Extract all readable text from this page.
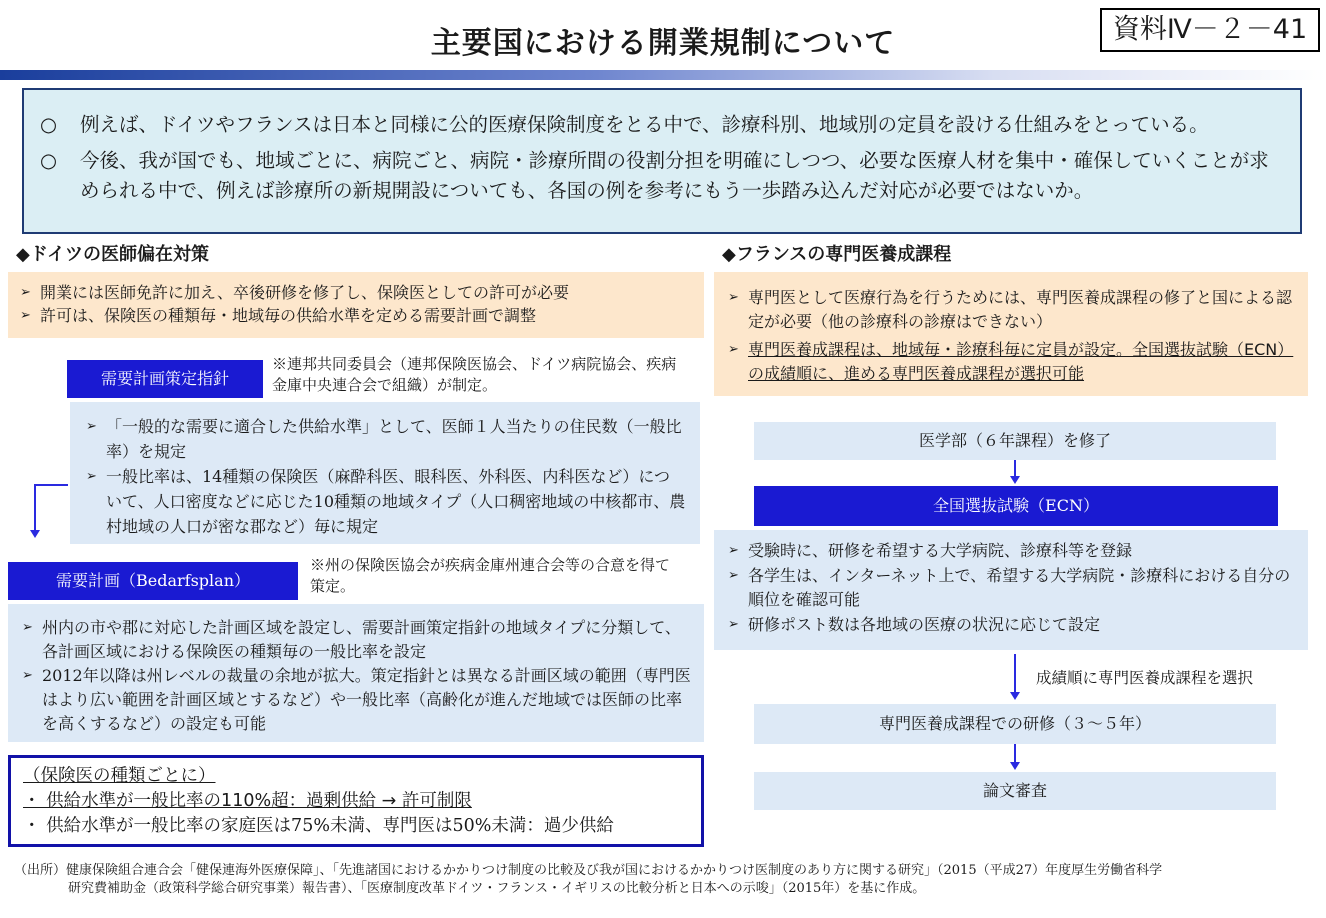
主要国における開業規制について	資料Ⅳ－２－41
○ 例えば、ドイツやフランスは日本と同様に公的医療保険制度をとる中で、診療科別、地域別の定員を設ける仕組みをとっている。
○ 今後、我が国でも、地域ごとに、病院ごと、病院・診療所間の役割分担を明確にしつつ、必要な医療人材を集中・確保していくことが求められる中で、例えば診療所の新規開設についても、各国の例を参考にもう一歩踏み込んだ対応が必要ではないか。
◆ドイツの医師偏在対策
➢ 開業には医師免許に加え、卒後研修を修了し、保険医としての許可が必要
➢ 許可は、保険医の種類毎・地域毎の供給水準を定める需要計画で調整
需要計画策定指針
※連邦共同委員会（連邦保険医協会、ドイツ病院協会、疾病金庫中央連合会で組織）が制定。
➢ 「一般的な需要に適合した供給水準」として、医師１人当たりの住民数（一般比率）を規定
➢ 一般比率は、14種類の保険医（麻酔科医、眼科医、外科医、内科医など）について、人口密度などに応じた10種類の地域タイプ（人口稠密地域の中核都市、農村地域の人口が密な郡など）毎に規定
需要計画（Bedarfsplan）
※州の保険医協会が疾病金庫州連合会等の合意を得て策定。
➢ 州内の市や郡に対応した計画区域を設定し、需要計画策定指針の地域タイプに分類して、各計画区域における保険医の種類毎の一般比率を設定
➢ 2012年以降は州レベルの裁量の余地が拡大。策定指針とは異なる計画区域の範囲（専門医はより広い範囲を計画区域とするなど）や一般比率（高齢化が進んだ地域では医師の比率を高くするなど）の設定も可能
（保険医の種類ごとに）
・ 供給水準が一般比率の110%超：過剰供給 → 許可制限
・ 供給水準が一般比率の家庭医は75%未満、専門医は50%未満：過少供給
◆フランスの専門医養成課程
➢ 専門医として医療行為を行うためには、専門医養成課程の修了と国による認定が必要（他の診療科の診療はできない）
➢ 専門医養成課程は、地域毎・診療科毎に定員が設定。全国選抜試験（ECN）の成績順に、進める専門医養成課程が選択可能
医学部（６年課程）を修了
全国選抜試験（ECN）
➢ 受験時に、研修を希望する大学病院、診療科等を登録
➢ 各学生は、インターネット上で、希望する大学病院・診療科における自分の順位を確認可能
➢ 研修ポスト数は各地域の医療の状況に応じて設定
成績順に専門医養成課程を選択
専門医養成課程での研修（３～５年）
論文審査
（出所）健康保険組合連合会「健保連海外医療保障」、「先進諸国におけるかかりつけ制度の比較及び我が国におけるかかりつけ医制度のあり方に関する研究」（2015（平成27）年度厚生労働省科学
研究費補助金（政策科学総合研究事業）報告書）、「医療制度改革ドイツ・フランス・イギリスの比較分析と日本への示唆」（2015年）を基に作成。
